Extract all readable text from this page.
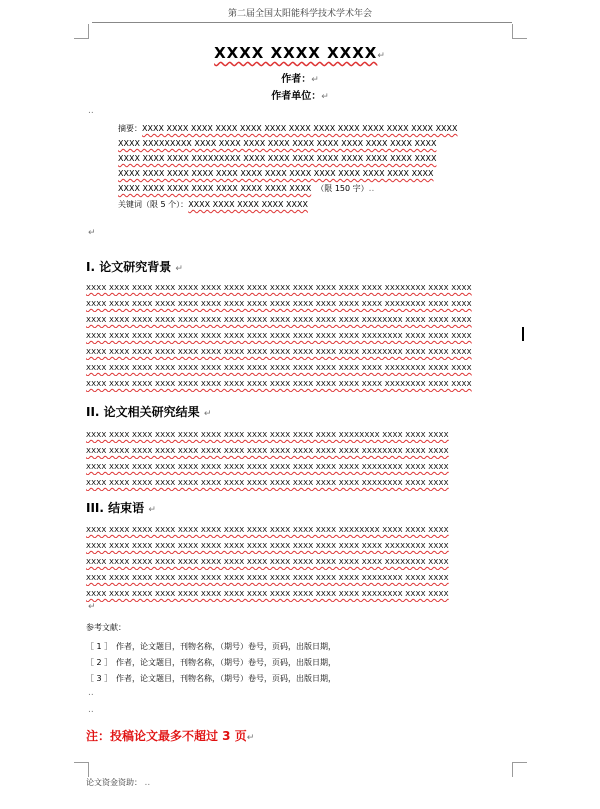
第二届全国太阳能科学技术学术年会
XXXX XXXX XXXX↵
作者：↵
作者单位：↵
..
摘要：XXXX XXXX XXXX XXXX XXXX XXXX XXXX XXXX XXXX XXXX XXXX XXXX XXXX
XXXX XXXXXXXXX XXXX XXXX XXXX XXXX XXXX XXXX XXXX XXXX XXXX XXXX
XXXX XXXX XXXX XXXXXXXXX XXXX XXXX XXXX XXXX XXXX XXXX XXXX XXXX
XXXX XXXX XXXX XXXX XXXX XXXX XXXX XXXX XXXX XXXX XXXX XXXX XXXX
XXXX XXXX XXXX XXXX XXXX XXXX XXXX XXXX （限 150 字）..
关键词（限 5 个）：XXXX XXXX XXXX XXXX XXXX
↵
I. 论文研究背景 ↵
XXXX XXXX XXXX XXXX XXXX XXXX XXXX XXXX XXXX XXXX XXXX XXXX XXXX XXXXXXXX XXXX XXXX
XXXX XXXX XXXX XXXX XXXX XXXX XXXX XXXX XXXX XXXX XXXX XXXX XXXX XXXXXXXX XXXX XXXX
XXXX XXXX XXXX XXXX XXXX XXXX XXXX XXXX XXXX XXXX XXXX XXXX XXXXXXXX XXXX XXXX XXXX
XXXX XXXX XXXX XXXX XXXX XXXX XXXX XXXX XXXX XXXX XXXX XXXX XXXXXXXX XXXX XXXX XXXX
XXXX XXXX XXXX XXXX XXXX XXXX XXXX XXXX XXXX XXXX XXXX XXXX XXXXXXXX XXXX XXXX XXXX
XXXX XXXX XXXX XXXX XXXX XXXX XXXX XXXX XXXX XXXX XXXX XXXX XXXX XXXXXXXX XXXX XXXX
XXXX XXXX XXXX XXXX XXXX XXXX XXXX XXXX XXXX XXXX XXXX XXXX XXXX XXXXXXXX XXXX XXXX
II. 论文相关研究结果 ↵
XXXX XXXX XXXX XXXX XXXX XXXX XXXX XXXX XXXX XXXX XXXX XXXXXXXX XXXX XXXX XXXX
XXXX XXXX XXXX XXXX XXXX XXXX XXXX XXXX XXXX XXXX XXXX XXXX XXXXXXXX XXXX XXXX
XXXX XXXX XXXX XXXX XXXX XXXX XXXX XXXX XXXX XXXX XXXX XXXX XXXXXXXX XXXX XXXX
XXXX XXXX XXXX XXXX XXXX XXXX XXXX XXXX XXXX XXXX XXXX XXXX XXXXXXXX XXXX XXXX
III. 结束语 ↵
XXXX XXXX XXXX XXXX XXXX XXXX XXXX XXXX XXXX XXXX XXXX XXXXXXXX XXXX XXXX XXXX
XXXX XXXX XXXX XXXX XXXX XXXX XXXX XXXX XXXX XXXX XXXX XXXX XXXX XXXXXXXX XXXX
XXXX XXXX XXXX XXXX XXXX XXXX XXXX XXXX XXXX XXXX XXXX XXXX XXXX XXXXXXXX XXXX
XXXX XXXX XXXX XXXX XXXX XXXX XXXX XXXX XXXX XXXX XXXX XXXX XXXXXXXX XXXX XXXX
XXXX XXXX XXXX XXXX XXXX XXXX XXXX XXXX XXXX XXXX XXXX XXXX XXXXXXXX XXXX XXXX
↵
参考文献：
［ 1 ］ 作者，论文题目，刊物名称，（期号）卷号，页码，出版日期，
［ 2 ］ 作者，论文题目，刊物名称，（期号）卷号，页码，出版日期，
［ 3 ］ 作者，论文题目，刊物名称，（期号）卷号，页码，出版日期，
..
..
注：投稿论文最多不超过 3 页↵
论文资金资助： ..
